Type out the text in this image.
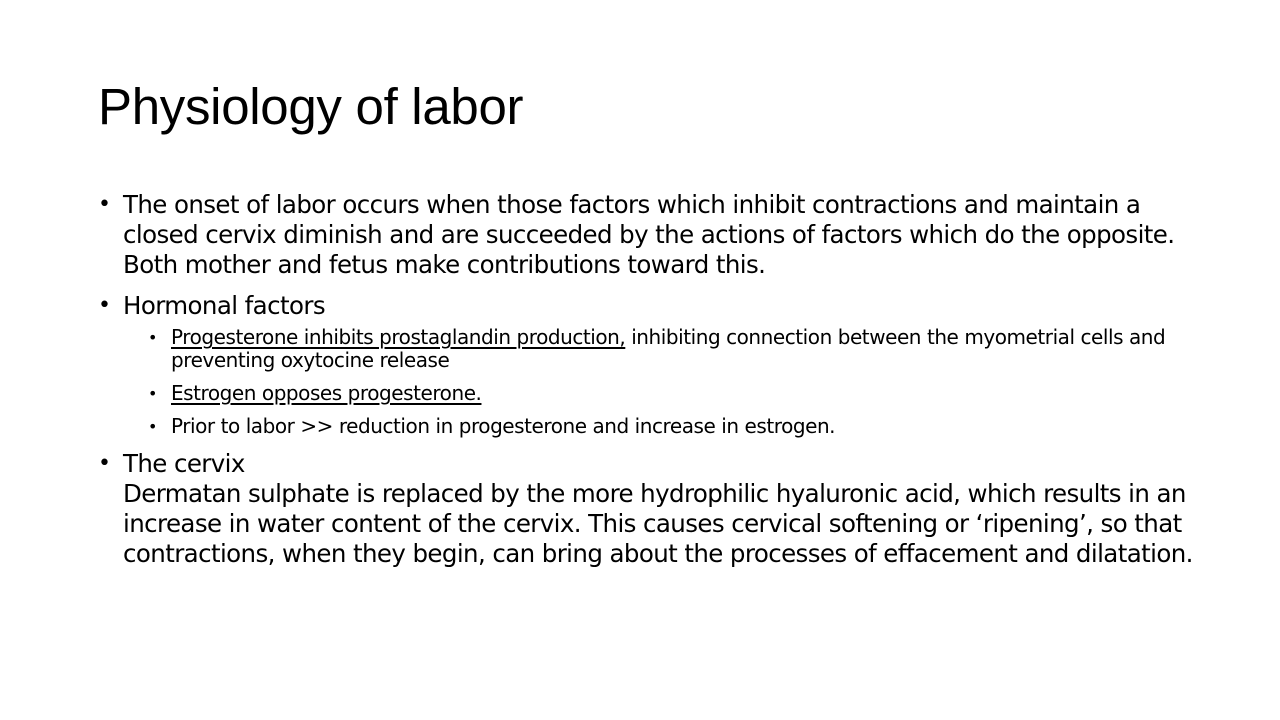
Physiology of labor
• The onset of labor occurs when those factors which inhibit contractions and maintain a closed cervix diminish and are succeeded by the actions of factors which do the opposite. Both mother and fetus make contributions toward this.
• Hormonal factors
• Progesterone inhibits prostaglandin production, inhibiting connection between the myometrial cells and preventing oxytocine release
• Estrogen opposes progesterone.
• Prior to labor >> reduction in progesterone and increase in estrogen.
• The cervix
Dermatan sulphate is replaced by the more hydrophilic hyaluronic acid, which results in an increase in water content of the cervix. This causes cervical softening or ‘ripening’, so that contractions, when they begin, can bring about the processes of effacement and dilatation.
